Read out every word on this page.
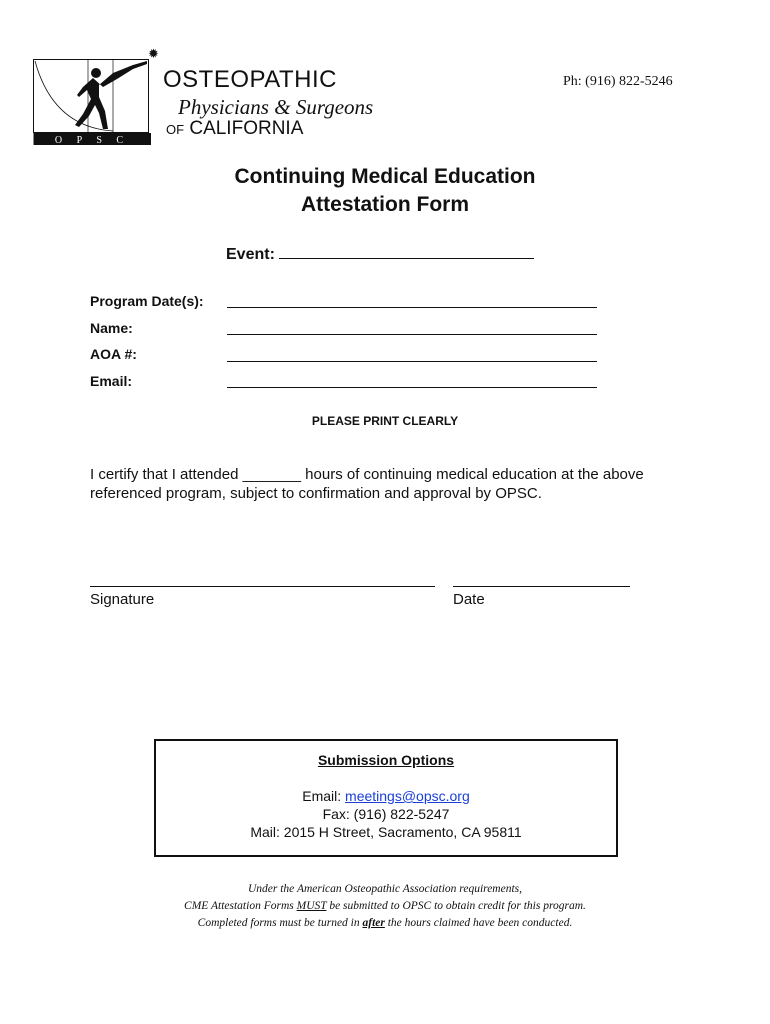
O P S C
✹
OSTEOPATHIC
Physicians & Surgeons
OF CALIFORNIA
Ph: (916) 822-5246
Continuing Medical Education
Attestation Form
Event:
Program Date(s):
Name:
AOA #:
Email:
PLEASE PRINT CLEARLY
I certify that I attended _______ hours of continuing medical education at the above referenced program, subject to confirmation and approval by OPSC.
Signature	Date
Submission Options
Email: meetings@opsc.org
Fax: (916) 822-5247
Mail: 2015 H Street, Sacramento, CA 95811
Under the American Osteopathic Association requirements,
CME Attestation Forms MUST be submitted to OPSC to obtain credit for this program.
Completed forms must be turned in after the hours claimed have been conducted.
